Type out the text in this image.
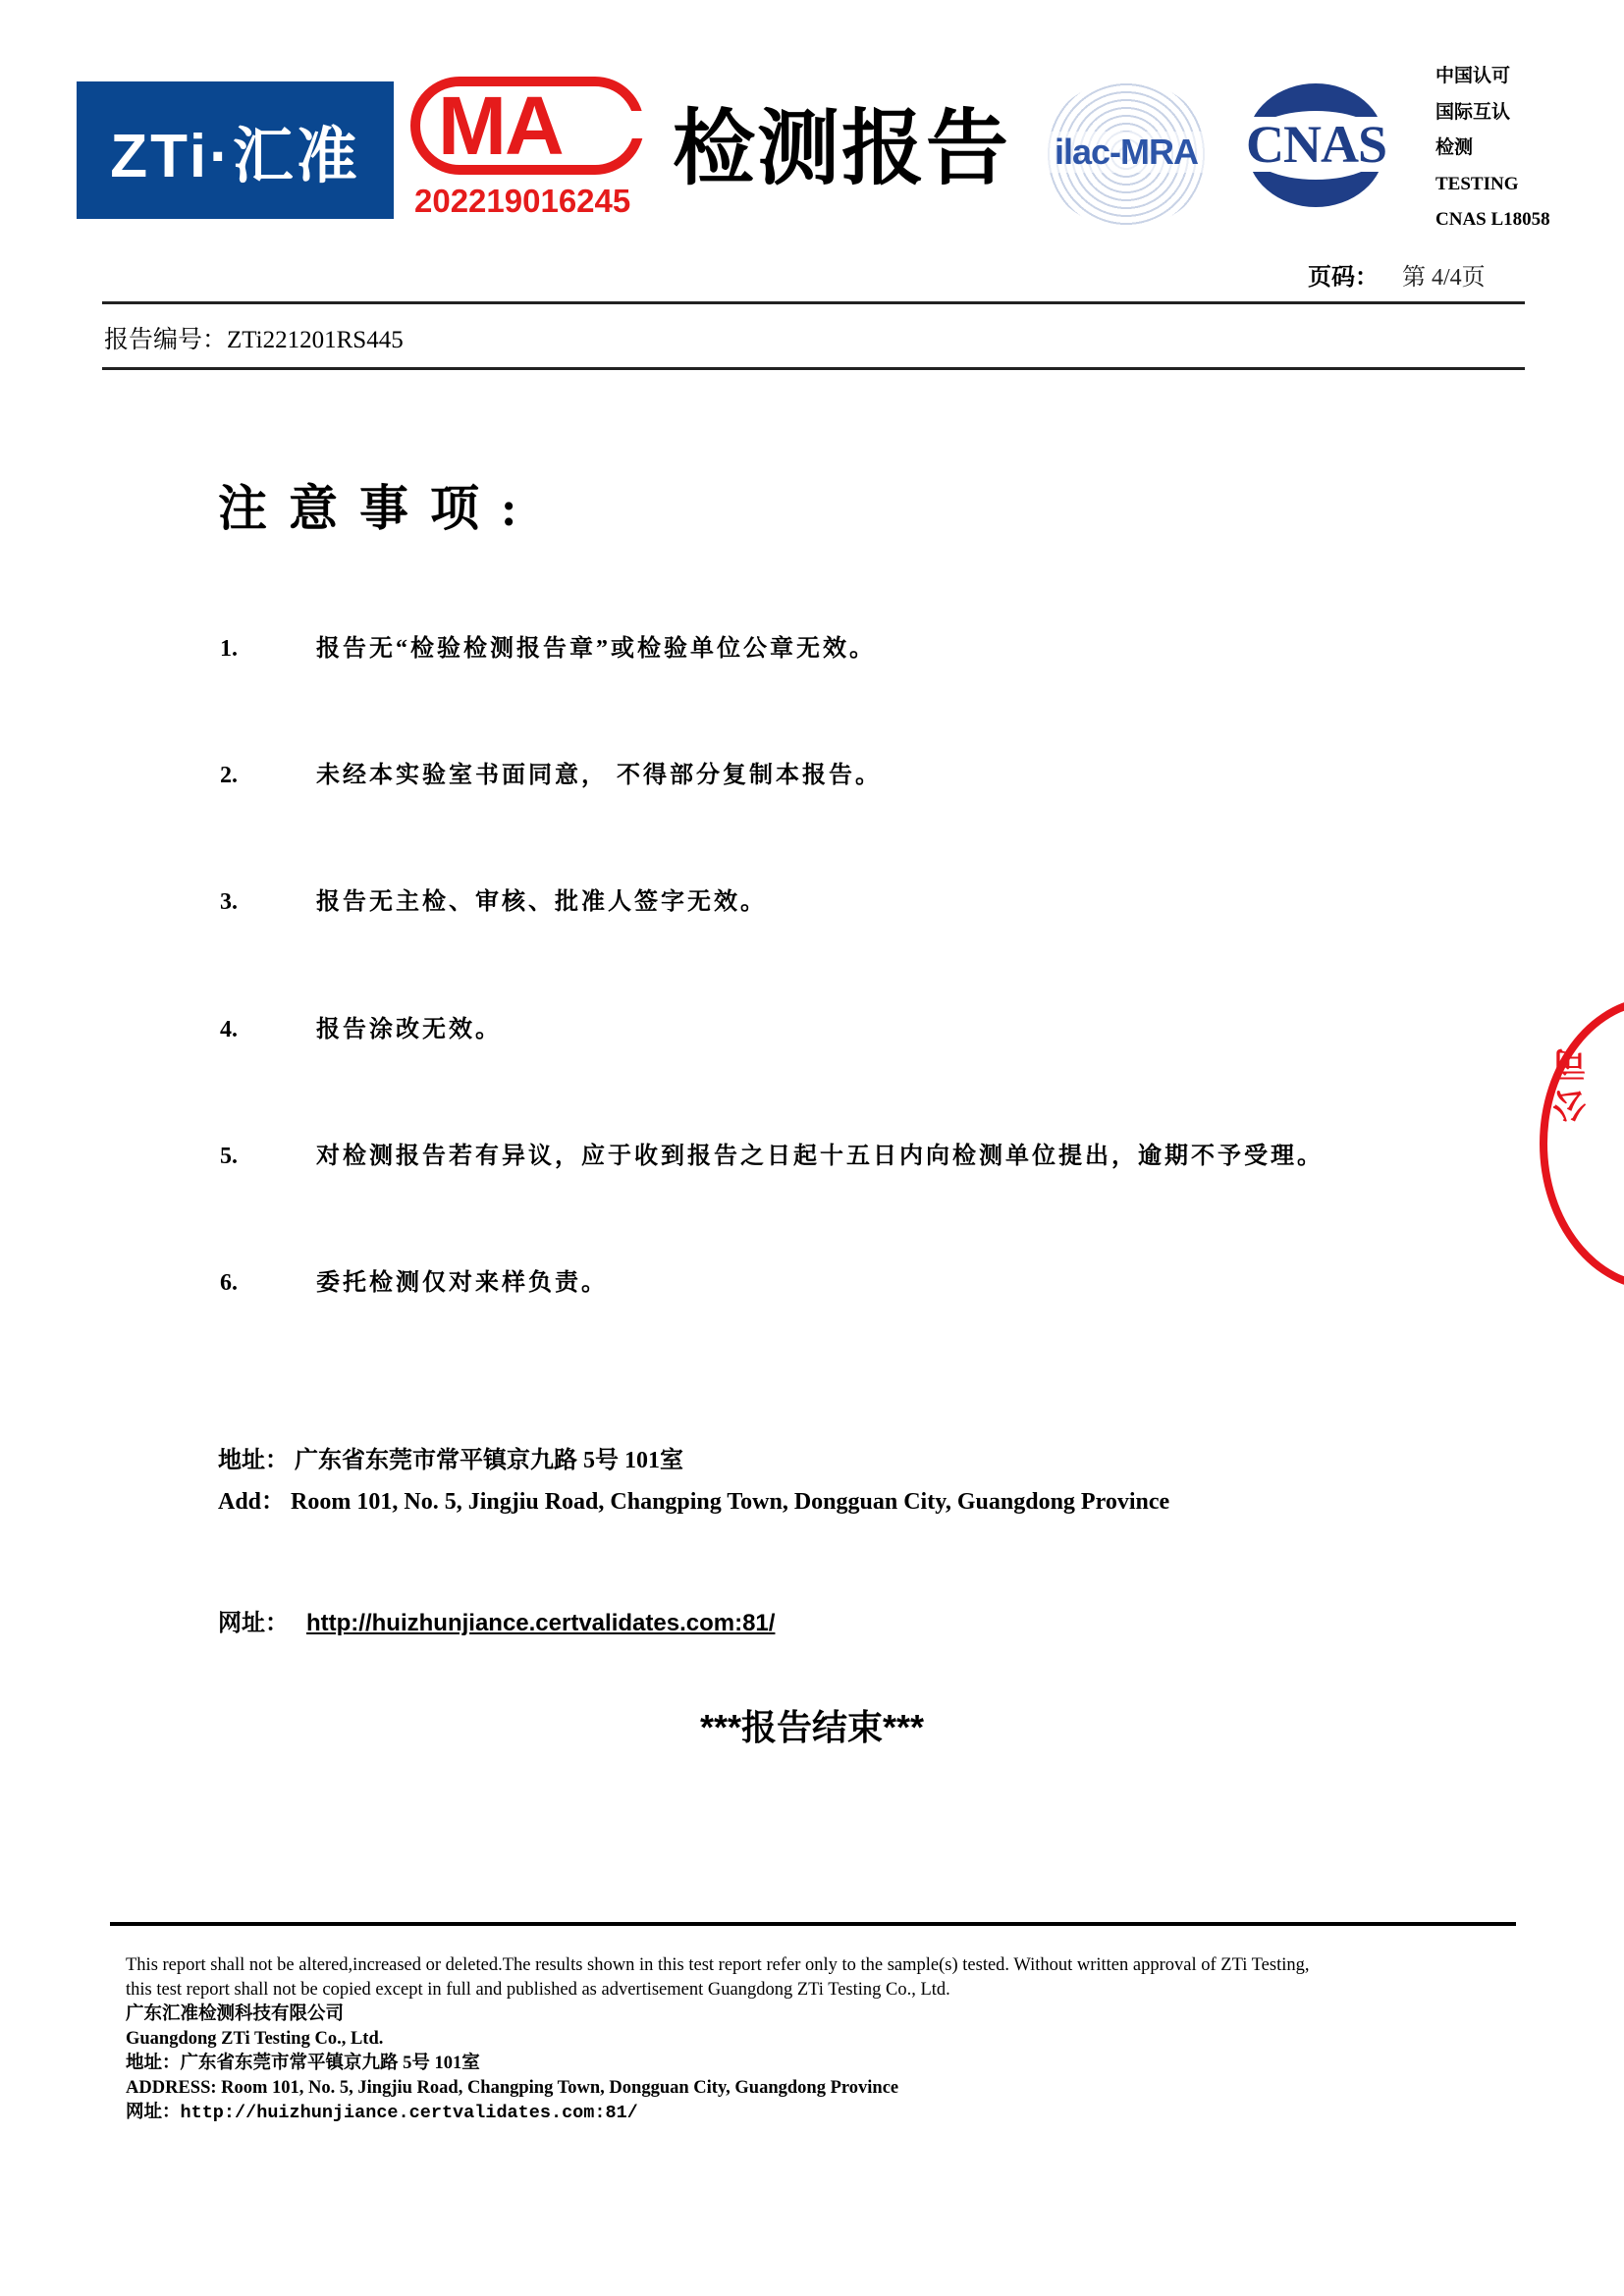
ZTi·汇准 MA
202219016245
检测报告	ilac-MRA CNAS
中国认可
国际互认
检测
TESTING
CNAS L18058
页码： 第 4/4页
报告编号：ZTi221201RS445
注意事项:
1.	报告无“检验检测报告章”或检验单位公章无效。
2.	未经本实验室书面同意， 不得部分复制本报告。
3.	报告无主检、审核、批准人签字无效。
4.	报告涂改无效。
5.	对检测报告若有异议，应于收到报告之日起十五日内向检测单位提出，逾期不予受理。
6.	委托检测仅对来样负责。
地址： 广东省东莞市常平镇京九路 5号 101室
Add： Room 101, No. 5, Jingjiu Road, Changping Town, Dongguan City, Guangdong Province
网址： http://huizhunjiance.certvalidates.com:81/
***报告结束***
公司
This report shall not be altered,increased or deleted.The results shown in this test report refer only to the sample(s) tested. Without written approval of ZTi Testing,
this test report shall not be copied except in full and published as advertisement Guangdong ZTi Testing Co., Ltd.
广东汇准检测科技有限公司
Guangdong ZTi Testing Co., Ltd.
地址：广东省东莞市常平镇京九路 5号 101室
ADDRESS: Room 101, No. 5, Jingjiu Road, Changping Town, Dongguan City, Guangdong Province
网址：http://huizhunjiance.certvalidates.com:81/
